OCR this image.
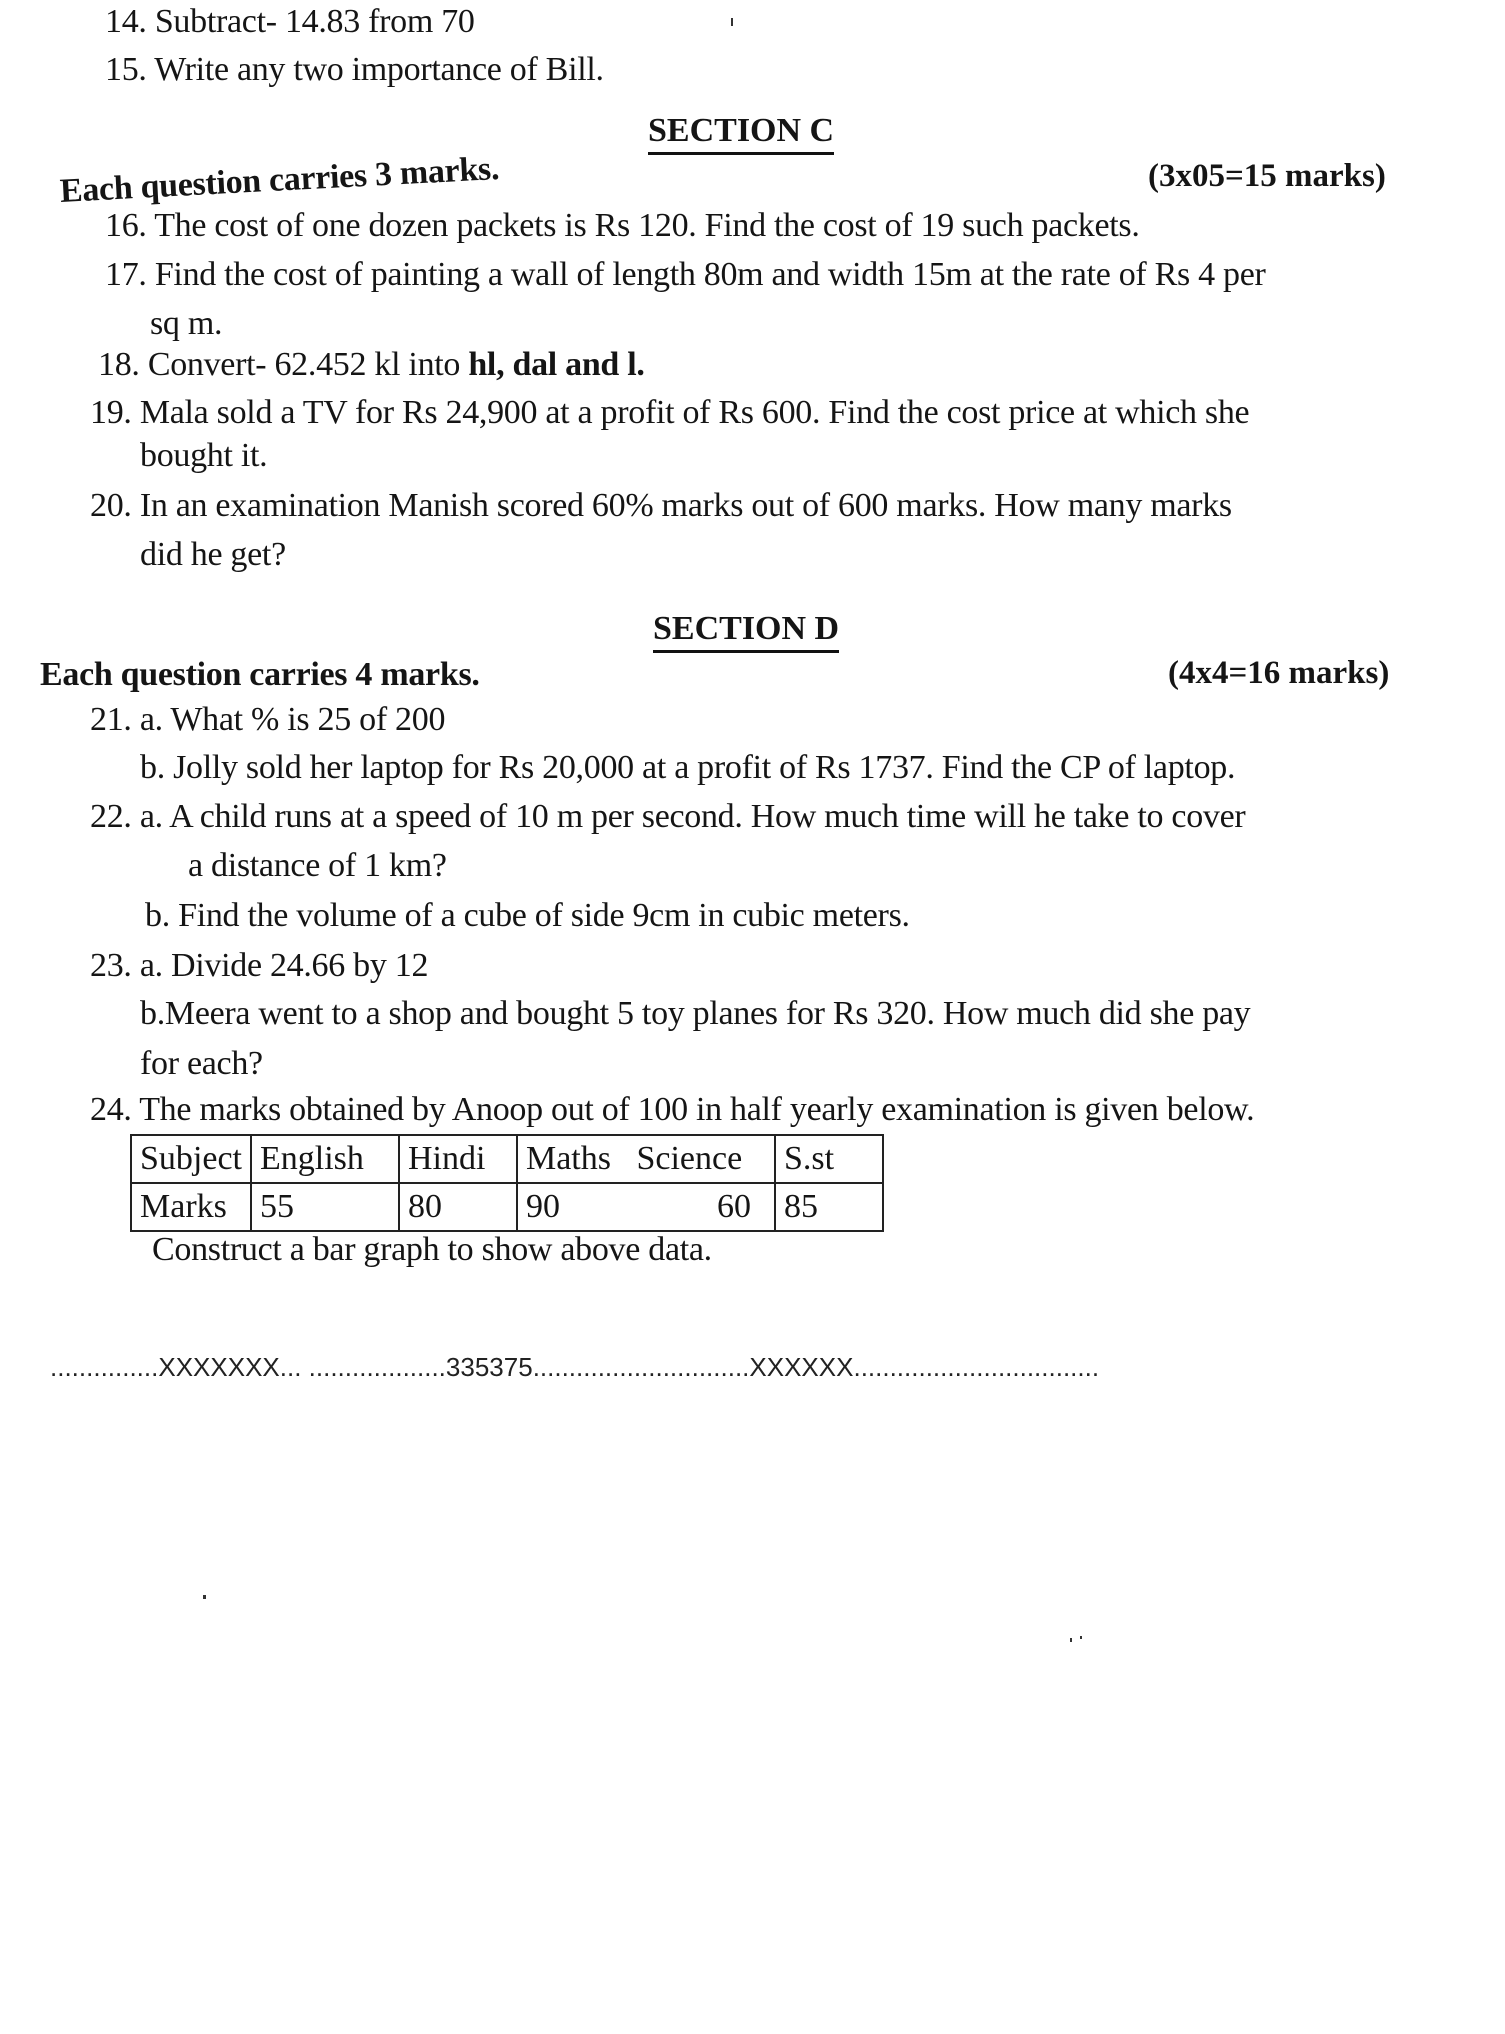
14. Subtract- 14.83 from 70
15. Write any two importance of Bill.
SECTION C
Each question carries 3 marks.	(3x05=15 marks)
16. The cost of one dozen packets is Rs 120. Find the cost of 19 such packets.
17. Find the cost of painting a wall of length 80m and width 15m at the rate of Rs 4 per
sq m.
18. Convert- 62.452 kl into hl, dal and l.
19. Mala sold a TV for Rs 24,900 at a profit of Rs 600. Find the cost price at which she
bought it.
20. In an examination Manish scored 60% marks out of 600 marks. How many marks
did he get?
SECTION D
Each question carries 4 marks.	(4x4=16 marks)
21. a. What % is 25 of 200
b. Jolly sold her laptop for Rs 20,000 at a profit of Rs 1737. Find the CP of laptop.
22. a. A child runs at a speed of 10 m per second. How much time will he take to cover
a distance of 1 km?
b. Find the volume of a cube of side 9cm in cubic meters.
23. a. Divide 24.66 by 12
b.Meera went to a shop and bought 5 toy planes for Rs 320. How much did she pay
for each?
24. The marks obtained by Anoop out of 100 in half yearly examination is given below.
Subject	English	Hindi	Maths Science	S.st
Marks	55	80	90 60	85
Construct a bar graph to show above data.
...............XXXXXXX... ...................335375..............................XXXXXX..................................
